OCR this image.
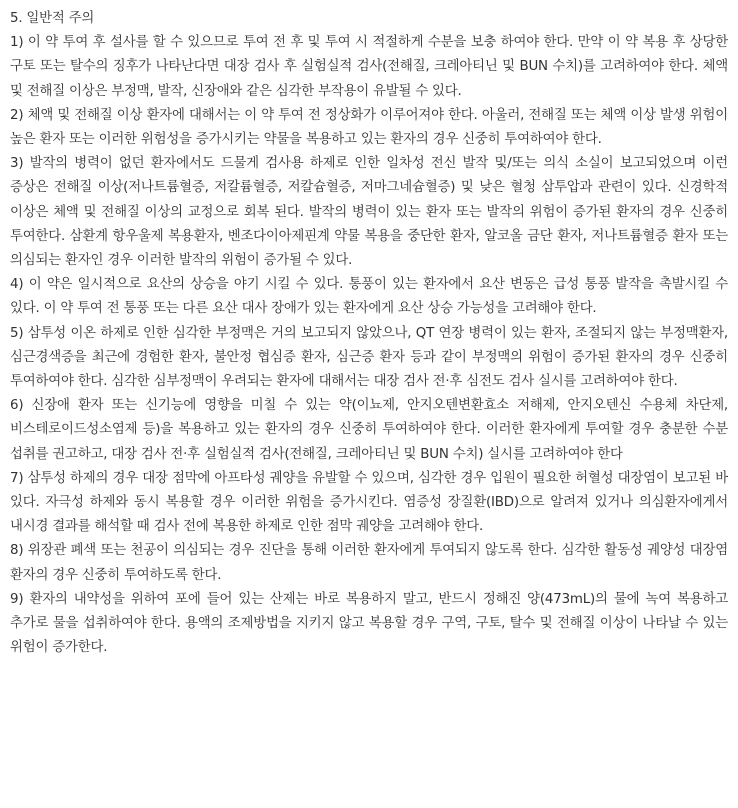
5. 일반적 주의

1) 이 약 투여 후 설사를 할 수 있으므로 투여 전 후 및 투여 시 적절하게 수분을 보충 하여야 한다. 만약 이 약 복용 후 상당한 구토 또는 탈수의 징후가 나타난다면 대장 검사 후 실험실적 검사(전해질, 크레아티닌 및 BUN 수치)를 고려하여야 한다. 체액 및 전해질 이상은 부정맥, 발작, 신장애와 같은 심각한 부작용이 유발될 수 있다.

2) 체액 및 전해질 이상 환자에 대해서는 이 약 투여 전 정상화가 이루어져야 한다. 아울러, 전해질 또는 체액 이상 발생 위험이 높은 환자 또는 이러한 위험성을 증가시키는 약물을 복용하고 있는 환자의 경우 신중히 투여하여야 한다.

3) 발작의 병력이 없던 환자에서도 드물게 검사용 하제로 인한 일차성 전신 발작 및/또는 의식 소실이 보고되었으며 이런 증상은 전해질 이상(저나트륨혈증, 저칼륨혈증, 저칼슘혈증, 저마그네슘혈증) 및 낮은 혈청 삼투압과 관련이 있다. 신경학적 이상은 체액 및 전해질 이상의 교정으로 회복 된다. 발작의 병력이 있는 환자 또는 발작의 위험이 증가된 환자의 경우 신중히 투여한다. 삼환계 항우울제 복용환자, 벤조다이아제핀계 약물 복용을 중단한 환자, 알코올 금단 환자, 저나트륨혈증 환자 또는 의심되는 환자인 경우 이러한 발작의 위험이 증가될 수 있다.

4) 이 약은 일시적으로 요산의 상승을 야기 시킬 수 있다. 통풍이 있는 환자에서 요산 변동은 급성 통풍 발작을 촉발시킬 수 있다. 이 약 투여 전 통풍 또는 다른 요산 대사 장애가 있는 환자에게 요산 상승 가능성을 고려해야 한다.

5) 삼투성 이온 하제로 인한 심각한 부정맥은 거의 보고되지 않았으나, QT 연장 병력이 있는 환자, 조절되지 않는 부정맥환자, 심근경색증을 최근에 경험한 환자, 불안정 협심증 환자, 심근증 환자 등과 같이 부정맥의 위험이 증가된 환자의 경우 신중히 투여하여야 한다. 심각한 심부정맥이 우려되는 환자에 대해서는 대장 검사 전·후 심전도 검사 실시를 고려하여야 한다.

6) 신장애 환자 또는 신기능에 영향을 미칠 수 있는 약(이뇨제, 안지오텐변환효소 저해제, 안지오텐신 수용체 차단제, 비스테로이드성소염제 등)을 복용하고 있는 환자의 경우 신중히 투여하여야 한다. 이러한 환자에게 투여할 경우 충분한 수분 섭취를 권고하고, 대장 검사 전·후 실험실적 검사(전해질, 크레아티닌 및 BUN 수치) 실시를 고려하여야 한다

7) 삼투성 하제의 경우 대장 점막에 아프타성 궤양을 유발할 수 있으며, 심각한 경우 입원이 필요한 허혈성 대장염이 보고된 바 있다. 자극성 하제와 동시 복용할 경우 이러한 위험을 증가시킨다. 염증성 장질환(IBD)으로 알려져 있거나 의심환자에게서 내시경 결과를 해석할 때 검사 전에 복용한 하제로 인한 점막 궤양을 고려해야 한다.

8) 위장관 폐색 또는 천공이 의심되는 경우 진단을 통해 이러한 환자에게 투여되지 않도록 한다. 심각한 활동성 궤양성 대장염 환자의 경우 신중히 투여하도록 한다.

9) 환자의 내약성을 위하여 포에 들어 있는 산제는 바로 복용하지 말고, 반드시 정해진 양(473mL)의 물에 녹여 복용하고 추가로 물을 섭취하여야 한다. 용액의 조제방법을 지키지 않고 복용할 경우 구역, 구토, 탈수 및 전해질 이상이 나타날 수 있는 위험이 증가한다.
